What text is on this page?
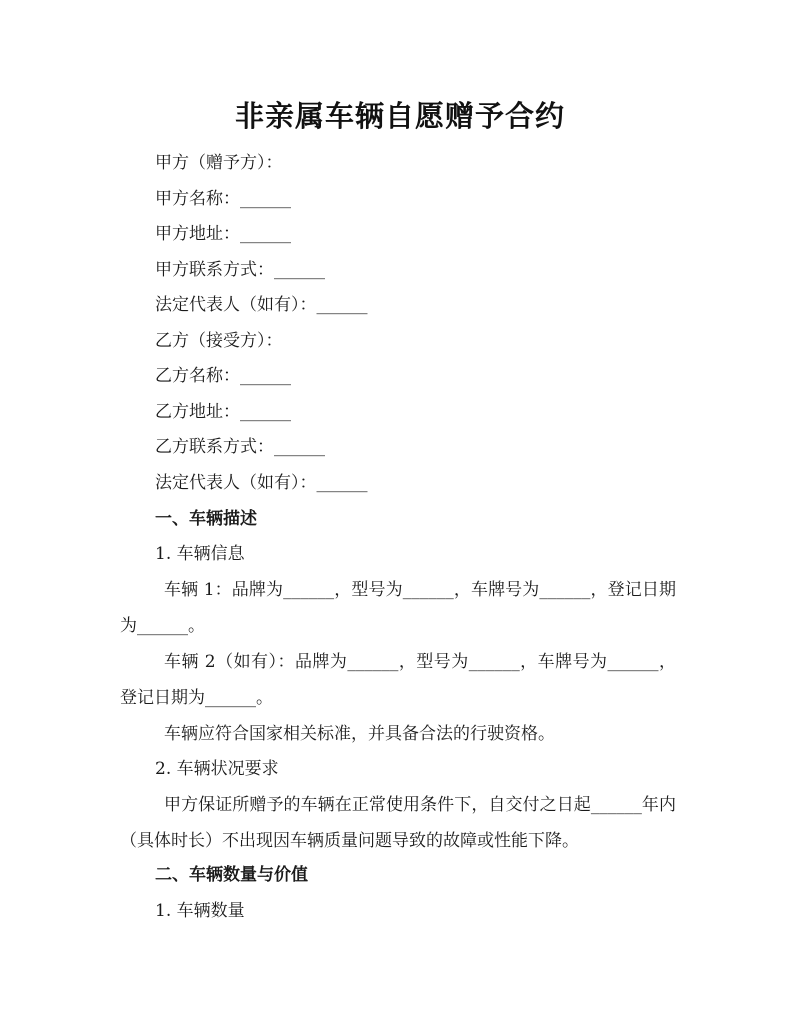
非亲属车辆自愿赠予合约
甲方（赠予方）：
甲方名称：______
甲方地址：______
甲方联系方式：______
法定代表人（如有）：______
乙方（接受方）：
乙方名称：______
乙方地址：______
乙方联系方式：______
法定代表人（如有）：______
一、车辆描述
1. 车辆信息
车辆 1：品牌为______，型号为______，车牌号为______，登记日期为______。
车辆 2（如有）：品牌为______，型号为______，车牌号为______，登记日期为______。
车辆应符合国家相关标准，并具备合法的行驶资格。
2. 车辆状况要求
甲方保证所赠予的车辆在正常使用条件下，自交付之日起______年内（具体时长）不出现因车辆质量问题导致的故障或性能下降。
二、车辆数量与价值
1. 车辆数量
